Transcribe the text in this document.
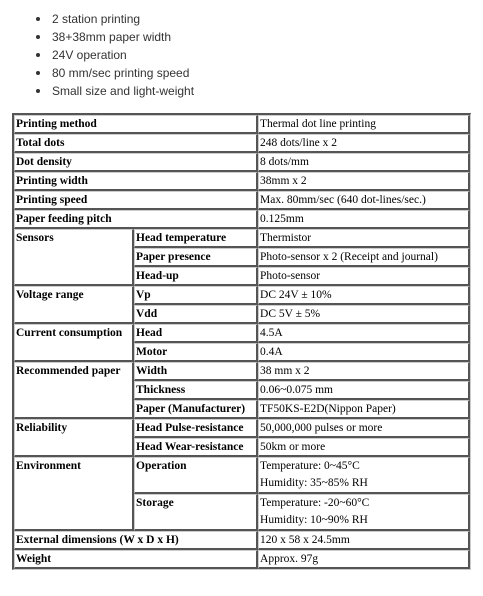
2 station printing
38+38mm paper width
24V operation
80 mm/sec printing speed
Small size and light-weight
Printing method		Thermal dot line printing
Total dots		248 dots/line x 2
Dot density		8 dots/mm
Printing width		38mm x 2
Printing speed		Max. 80mm/sec (640 dot-lines/sec.)
Paper feeding pitch		0.125mm
Sensors	Head temperature	Thermistor
	Paper presence	Photo-sensor x 2 (Receipt and journal)
	Head-up	Photo-sensor
Voltage range	Vp	DC 24V ± 10%
	Vdd	DC 5V ± 5%
Current consumption	Head	4.5A
	Motor	0.4A
Recommended paper	Width	38 mm x 2
	Thickness	0.06~0.075 mm
	Paper (Manufacturer)	TF50KS-E2D(Nippon Paper)
Reliability	Head Pulse-resistance	50,000,000 pulses or more
	Head Wear-resistance	50km or more
Environment	Operation	Temperature: 0~45°C
Humidity: 35~85% RH

	Storage	Temperature: -20~60°C
Humidity: 10~90% RH

External dimensions (W x D x H)		120 x 58 x 24.5mm
Weight		Approx. 97g
